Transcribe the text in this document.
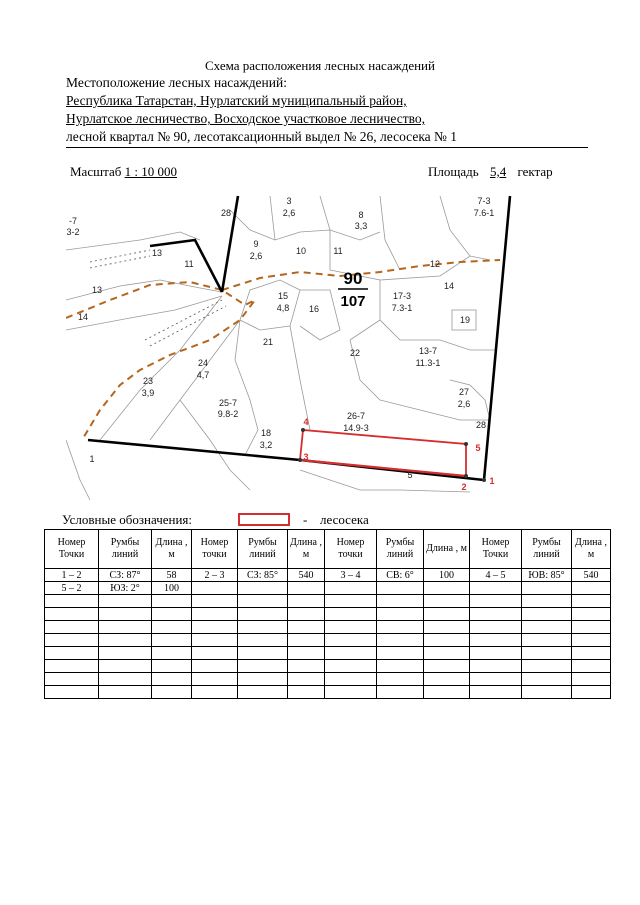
Схема расположения лесных насаждений
Местоположение лесных насаждений:
Республика Татарстан, Нурлатский муниципальный район,
Нурлатское лесничество, Восходское участковое лесничество,
лесной квартал № 90, лесотаксационный выдел № 26, лесосека № 1
Масштаб 1 : 10 000	Площадь 5,4 гектар
28
3
2,6	8
3,3
7-3
7.6-1
-7
3-2
9
2,6	10	11
13
11	12
14
13
15
4,8 16
17-3
7.3-1
14	19
21
22	13-7
11.3-1
24
4,7
23
3,9	27
2,6
25-7
9.8-2	26-7
14.9-3	28
18
3,2
1
5
4
3
5
2
1
90
107
Условные обозначения:	- лесосека
Номер Точки	Румбы линий	Длина , м	Номер точки	Румбы линий	Длина , м	Номер точки	Румбы линий	Длина , м	Номер Точки	Румбы линий	Длина , м
1 – 2	СЗ: 87°	58	2 – 3	СЗ: 85°	540	3 – 4	СВ: 6°	100	4 – 5	ЮВ: 85°	540
5 – 2	ЮЗ: 2°	100									
